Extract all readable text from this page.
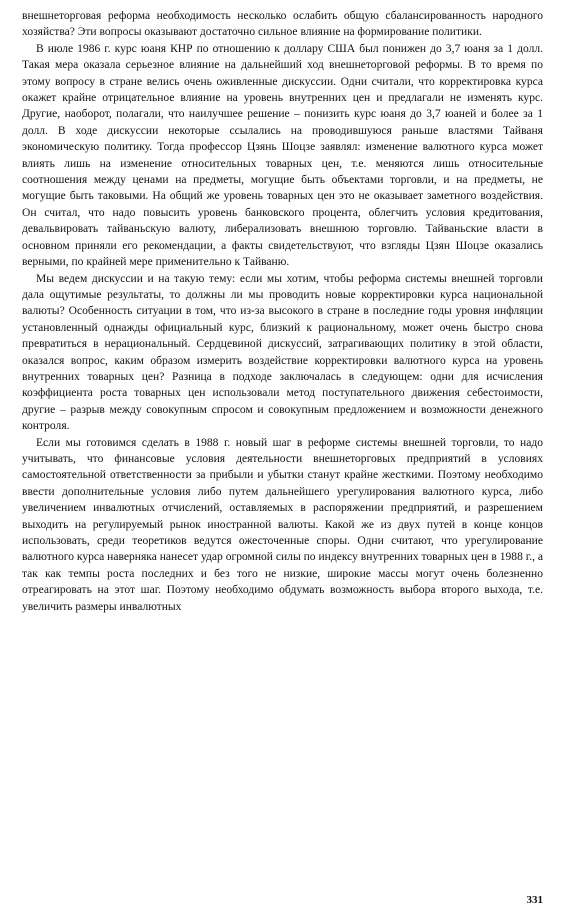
внешнеторговая реформа необходимость несколько ослабить общую сбалансированность народного хозяйства? Эти вопросы оказывают достаточно сильное влияние на формирование политики.

В июле 1986 г. курс юаня КНР по отношению к доллару США был понижен до 3,7 юаня за 1 долл. Такая мера оказала серьезное влияние на дальнейший ход внешнеторговой реформы. В то время по этому вопросу в стране велись очень оживленные дискуссии. Одни считали, что корректировка курса окажет крайне отрицательное влияние на уровень внутренних цен и предлагали не изменять курс. Другие, наоборот, полагали, что наилучшее решение – понизить курс юаня до 3,7 юаней и более за 1 долл. В ходе дискуссии некоторые ссылались на проводившуюся раньше властями Тайваня экономическую политику. Тогда профессор Цзянь Шоцзе заявлял: изменение валютного курса может влиять лишь на изменение относительных товарных цен, т.е. меняются лишь относительные соотношения между ценами на предметы, могущие быть объектами торговли, и на предметы, не могущие быть таковыми. На общий же уровень товарных цен это не оказывает заметного воздействия. Он считал, что надо повысить уровень банковского процента, облегчить условия кредитования, девальвировать тайваньскую валюту, либерализовать внешнюю торговлю. Тайваньские власти в основном приняли его рекомендации, а факты свидетельствуют, что взгляды Цзян Шоцзе оказались верными, по крайней мере применительно к Тайваню.

Мы ведем дискуссии и на такую тему: если мы хотим, чтобы реформа системы внешней торговли дала ощутимые результаты, то должны ли мы проводить новые корректировки курса национальной валюты? Особенность ситуации в том, что из-за высокого в стране в последние годы уровня инфляции установленный однажды официальный курс, близкий к рациональному, может очень быстро снова превратиться в нерациональный. Сердцевиной дискуссий, затрагивающих политику в этой области, оказался вопрос, каким образом измерить воздействие корректировки валютного курса на уровень внутренних товарных цен? Разница в подходе заключалась в следующем: одни для исчисления коэффициента роста товарных цен использовали метод поступательного движения себестоимости, другие – разрыв между совокупным спросом и совокупным предложением и возможности денежного контроля.

Если мы готовимся сделать в 1988 г. новый шаг в реформе системы внешней торговли, то надо учитывать, что финансовые условия деятельности внешнеторговых предприятий в условиях самостоятельной ответственности за прибыли и убытки станут крайне жесткими. Поэтому необходимо ввести дополнительные условия либо путем дальнейшего урегулирования валютного курса, либо увеличением инвалютных отчислений, оставляемых в распоряжении предприятий, и разрешением выходить на регулируемый рынок иностранной валюты. Какой же из двух путей в конце концов использовать, среди теоретиков ведутся ожесточенные споры. Одни считают, что урегулирование валютного курса наверняка нанесет удар огромной силы по индексу внутренних товарных цен в 1988 г., а так как темпы роста последних и без того не низкие, широкие массы могут очень болезненно отреагировать на этот шаг. Поэтому необходимо обдумать возможность выбора второго выхода, т.е. увеличить размеры инвалютных

331
